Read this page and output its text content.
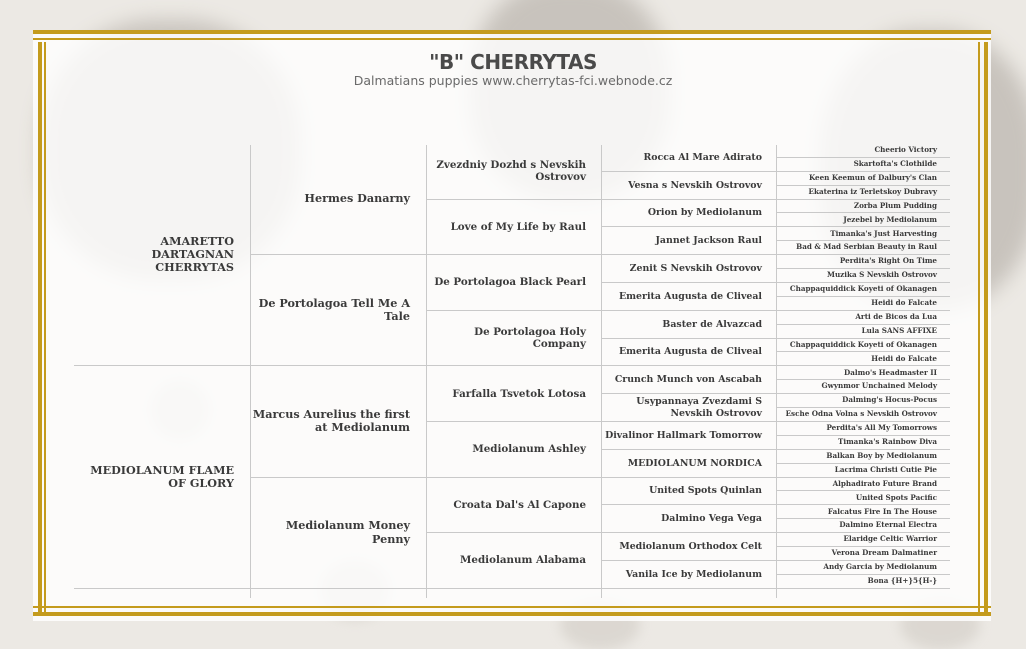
"B" CHERRYTAS
Dalmatians puppies www.cherrytas-fci.webnode.cz
AMARETTO DARTAGNAN CHERRYTAS
MEDIOLANUM FLAME OF GLORY
Hermes Danarny
De Portolagoa Tell Me A Tale
Marcus Aurelius the first at Mediolanum
Mediolanum Money Penny
Zvezdniy Dozhd s Nevskih Ostrovov
Love of My Life by Raul
De Portolagoa Black Pearl
De Portolagoa Holy Company
Farfalla Tsvetok Lotosa
Mediolanum Ashley
Croata Dal's Al Capone
Mediolanum Alabama
Rocca Al Mare Adirato
Vesna s Nevskih Ostrovov
Orion by Mediolanum
Jannet Jackson Raul
Zenit S Nevskih Ostrovov
Emerita Augusta de Cliveal
Baster de Alvazcad
Emerita Augusta de Cliveal
Crunch Munch von Ascabah
Usypannaya Zvezdami S Nevskih Ostrovov
Divalinor Hallmark Tomorrow
MEDIOLANUM NORDICA
United Spots Quinlan
Dalmino Vega Vega
Mediolanum Orthodox Celt
Vanila Ice by Mediolanum
Cheerio Victory
Skartofta's Clothilde
Keen Keemun of Dalbury's Clan
Ekaterina iz Terletskoy Dubravy
Zorba Plum Pudding
Jezebel by Mediolanum
Timanka's Just Harvesting
Bad & Mad Serbian Beauty in Raul
Perdita's Right On Time
Muzika S Nevskih Ostrovov
Chappaquiddick Koyeti of Okanagen
Heidi do Falcate
Arti de Bicos da Lua
Lula SANS AFFIXE
Chappaquiddick Koyeti of Okanagen
Heidi do Falcate
Dalmo's Headmaster II
Gwynmor Unchained Melody
Dalming's Hocus-Pocus
Esche Odna Volna s Nevskih Ostrovov
Perdita's All My Tomorrows
Timanka's Rainbow Diva
Balkan Boy by Mediolanum
Lacrima Christi Cutie Pie
Alphadirato Future Brand
United Spots Pacific
Falcatus Fire In The House
Dalmino Eternal Electra
Elaridge Celtic Warrior
Verona Dream Dalmatiner
Andy Garcia by Mediolanum
Bona {H+}5{H-}
